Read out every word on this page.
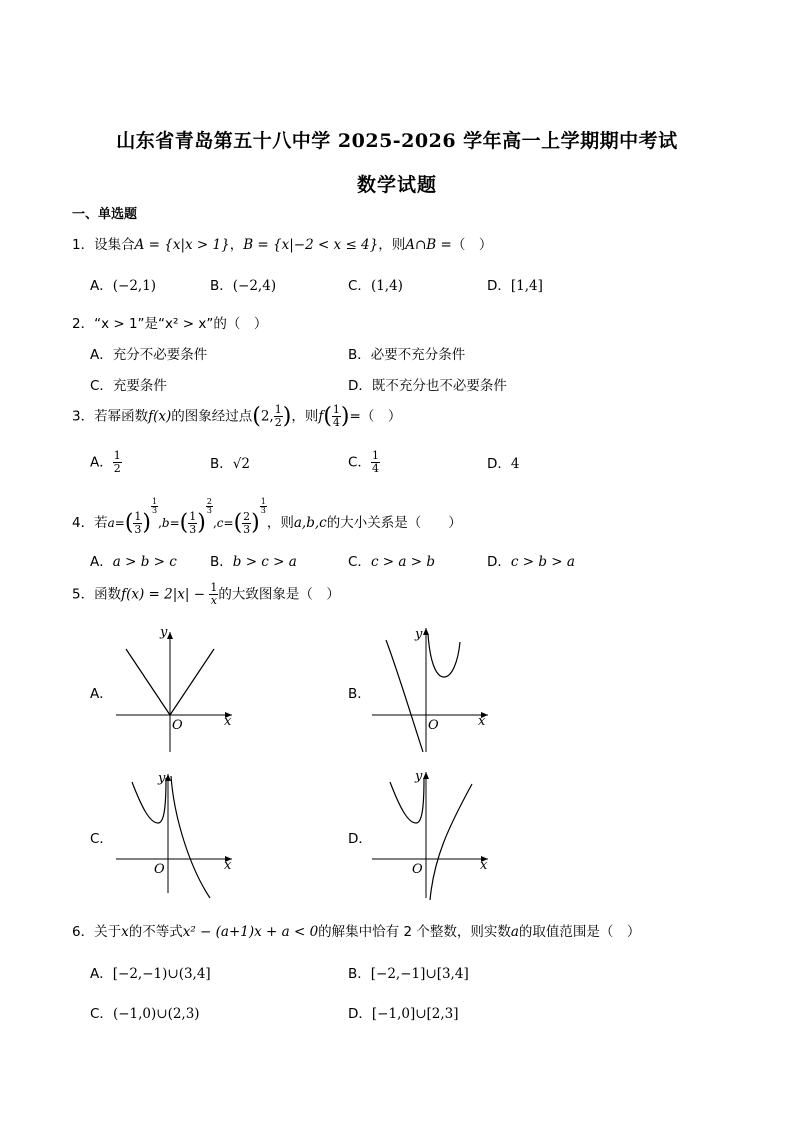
山东省青岛第五十八中学 2025-2026 学年高一上学期期中考试
数学试题
一、单选题
1．设集合A = {x|x > 1}，B = {x|−2 < x ≤ 4}，则A∩B =（　）
A．(−2,1)	B．(−2,4)	C．(1,4)	D．[1,4]
2．“x > 1”是“x² > x”的（　）
A．充分不必要条件	B．必要不充分条件
C．充要条件	D．既不充分也不必要条件
3．若幂函数f(x)的图象经过点(2, $\frac{1}{2}$ )，则$f( \frac{1}{4}$ )=（　）
A． $\frac{1}{2}$	B．√2	C． $\frac{1}{4}$	D．4
4．若$a=( \frac{1}{3}$ )
$^{\frac{1}{3}}$
$,b=( \frac{1}{3}$ )
$^{\frac{2}{3}}$
$,c=( \frac{2}{3}$ )
$^{\frac{1}{3}}$
，则a,b,c的大小关系是（　　）
A．a > b > c B．b > c > a	C．c > a > b	D．c > b > a
5．函数$f(x) = 2|x| - \frac{1}{x}$ 的大致图象是（　）
A．	B．
C．	D．
y
x
O
y
x
O
y
x
O
y
x
O
6．关于x的不等式x² − (a+1)x + a < 0的解集中恰有 2 个整数，则实数a的取值范围是（　）
A．[−2,−1)∪(3,4]	B．[−2,−1]∪[3,4]
C．(−1,0)∪(2,3)	D．[−1,0]∪[2,3]
